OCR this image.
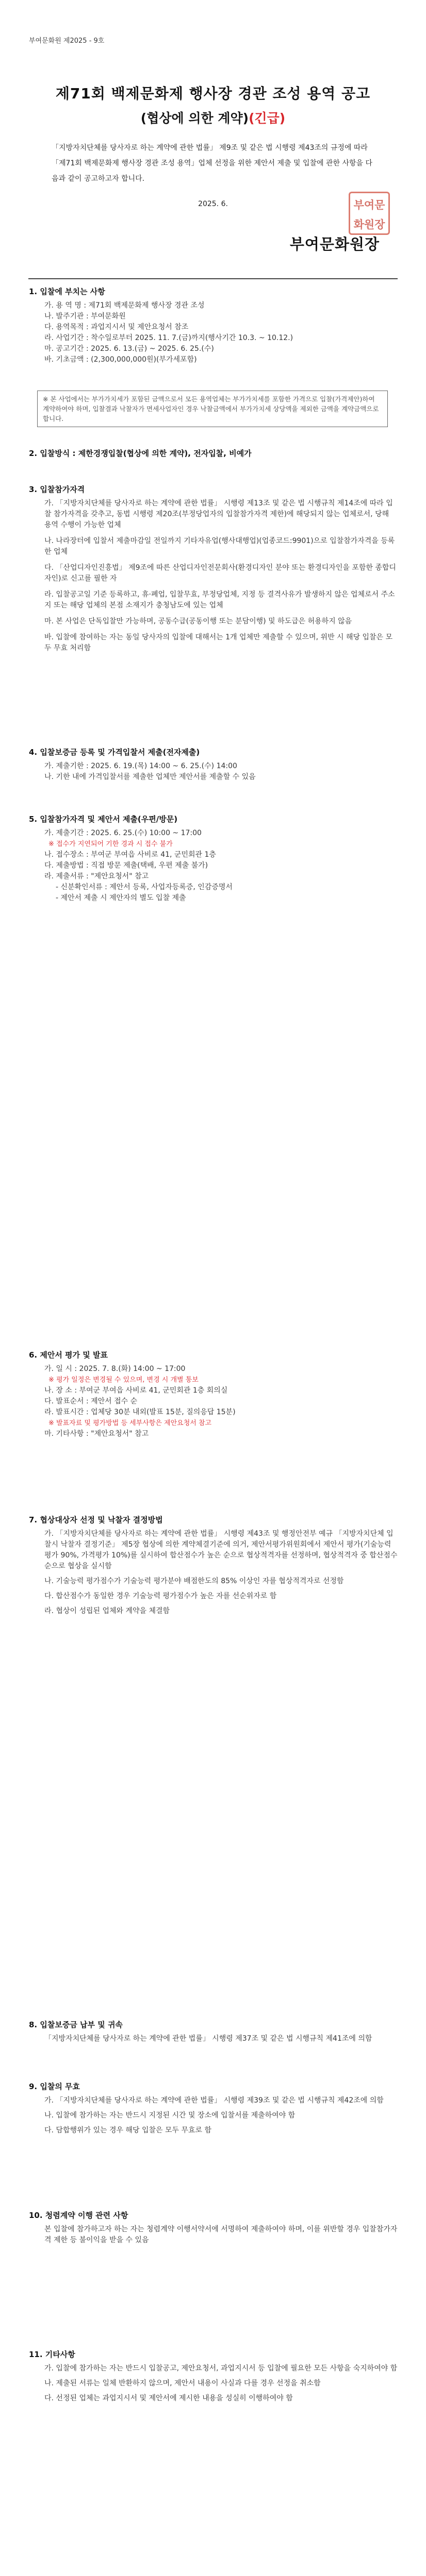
부여문화원 제2025 - 9호
제71회 백제문화제 행사장 경관 조성 용역 공고
(협상에 의한 계약)(긴급)
「지방자치단체를 당사자로 하는 계약에 관한 법률」 제9조 및 같은 법 시행령 제43조의 규정에 따라 「제71회 백제문화제 행사장 경관 조성 용역」업체 선정을 위한 제안서 제출 및 입찰에 관한 사항을 다음과 같이 공고하고자 합니다.
2025. 6.	부여문
화원장
부여문화원장
1. 입찰에 부치는 사항
가. 용 역 명 : 제71회 백제문화제 행사장 경관 조성
나. 발주기관 : 부여문화원
다. 용역목적 : 과업지시서 및 제안요청서 참조
라. 사업기간 : 착수일로부터 2025. 11. 7.(금)까지(행사기간 10.3. ~ 10.12.)
마. 공고기간 : 2025. 6. 13.(금) ~ 2025. 6. 25.(수)
바. 기초금액 : (2,300,000,000원)(부가세포함)
※ 본 사업에서는 부가가치세가 포함된 금액으로서 모든 용역업체는 부가가치세를 포함한 가격으로 입찰(가격제안)하여 계약하여야 하며, 입찰결과 낙찰자가 면세사업자인 경우 낙찰금액에서 부가가치세 상당액을 제외한 금액을 계약금액으로 합니다.
2. 입찰방식 : 제한경쟁입찰(협상에 의한 계약), 전자입찰, 비예가
3. 입찰참가자격
가. 「지방자치단체를 당사자로 하는 계약에 관한 법률」 시행령 제13조 및 같은 법 시행규칙 제14조에 따라 입찰 참가자격을 갖추고, 동법 시행령 제20조(부정당업자의 입찰참가자격 제한)에 해당되지 않는 업체로서, 당해 용역 수행이 가능한 업체
나. 나라장터에 입찰서 제출마감일 전일까지 기타자유업(행사대행업)(업종코드:9901)으로 입찰참가자격을 등록한 업체
다. 「산업디자인진흥법」 제9조에 따른 산업디자인전문회사(환경디자인 분야 또는 환경디자인을 포함한 종합디자인)로 신고를 필한 자
라. 입찰공고일 기준 등록하고, 휴·폐업, 입찰무효, 부정당업체, 지정 등 결격사유가 발생하지 않은 업체로서 주소지 또는 해당 업체의 본점 소재지가 충청남도에 있는 업체
마. 본 사업은 단독입찰만 가능하며, 공동수급(공동이행 또는 분담이행) 및 하도급은 허용하지 않음
바. 입찰에 참여하는 자는 동일 당사자의 입찰에 대해서는 1개 업체만 제출할 수 있으며, 위반 시 해당 입찰은 모두 무효 처리함
4. 입찰보증금 등록 및 가격입찰서 제출(전자제출)
가. 제출기한 : 2025. 6. 19.(목) 14:00 ~ 6. 25.(수) 14:00
나. 기한 내에 가격입찰서를 제출한 업체만 제안서를 제출할 수 있음
5. 입찰참가자격 및 제안서 제출(우편/방문)
가. 제출기간 : 2025. 6. 25.(수) 10:00 ~ 17:00
※ 접수가 지연되어 기한 경과 시 접수 불가
나. 접수장소 : 부여군 부여읍 사비로 41, 군민회관 1층
다. 제출방법 : 직접 방문 제출(택배, 우편 제출 불가)
라. 제출서류 : "제안요청서" 참고
- 신분확인서류 : 제안서 등록, 사업자등록증, 인감증명서
- 제안서 제출 시 제안자의 별도 입찰 제출
6. 제안서 평가 및 발표
가. 일 시 : 2025. 7. 8.(화) 14:00 ~ 17:00
※ 평가 일정은 변경될 수 있으며, 변경 시 개별 통보
나. 장 소 : 부여군 부여읍 사비로 41, 군민회관 1층 회의실
다. 발표순서 : 제안서 접수 순
라. 발표시간 : 업체당 30분 내외(발표 15분, 질의응답 15분)
※ 발표자료 및 평가방법 등 세부사항은 제안요청서 참고
마. 기타사항 : "제안요청서" 참고
7. 협상대상자 선정 및 낙찰자 결정방법
가. 「지방자치단체를 당사자로 하는 계약에 관한 법률」 시행령 제43조 및 행정안전부 예규 「지방자치단체 입찰시 낙찰자 결정기준」 제5장 협상에 의한 계약체결기준에 의거, 제안서평가위원회에서 제안서 평가(기술능력평가 90%, 가격평가 10%)를 실시하여 합산점수가 높은 순으로 협상적격자를 선정하며, 협상적격자 중 합산점수 순으로 협상을 실시함
나. 기술능력 평가점수가 기술능력 평가분야 배점한도의 85% 이상인 자를 협상적격자로 선정함
다. 합산점수가 동일한 경우 기술능력 평가점수가 높은 자를 선순위자로 함
라. 협상이 성립된 업체와 계약을 체결함
8. 입찰보증금 납부 및 귀속
「지방자치단체를 당사자로 하는 계약에 관한 법률」 시행령 제37조 및 같은 법 시행규칙 제41조에 의함
9. 입찰의 무효
가. 「지방자치단체를 당사자로 하는 계약에 관한 법률」 시행령 제39조 및 같은 법 시행규칙 제42조에 의함
나. 입찰에 참가하는 자는 반드시 지정된 시간 및 장소에 입찰서를 제출하여야 함
다. 담합행위가 있는 경우 해당 입찰은 모두 무효로 함
10. 청렴계약 이행 관련 사항
본 입찰에 참가하고자 하는 자는 청렴계약 이행서약서에 서명하여 제출하여야 하며, 이를 위반할 경우 입찰참가자격 제한 등 불이익을 받을 수 있음
11. 기타사항
가. 입찰에 참가하는 자는 반드시 입찰공고, 제안요청서, 과업지시서 등 입찰에 필요한 모든 사항을 숙지하여야 함
나. 제출된 서류는 일체 반환하지 않으며, 제안서 내용이 사실과 다를 경우 선정을 취소함
다. 선정된 업체는 과업지시서 및 제안서에 제시한 내용을 성실히 이행하여야 함
